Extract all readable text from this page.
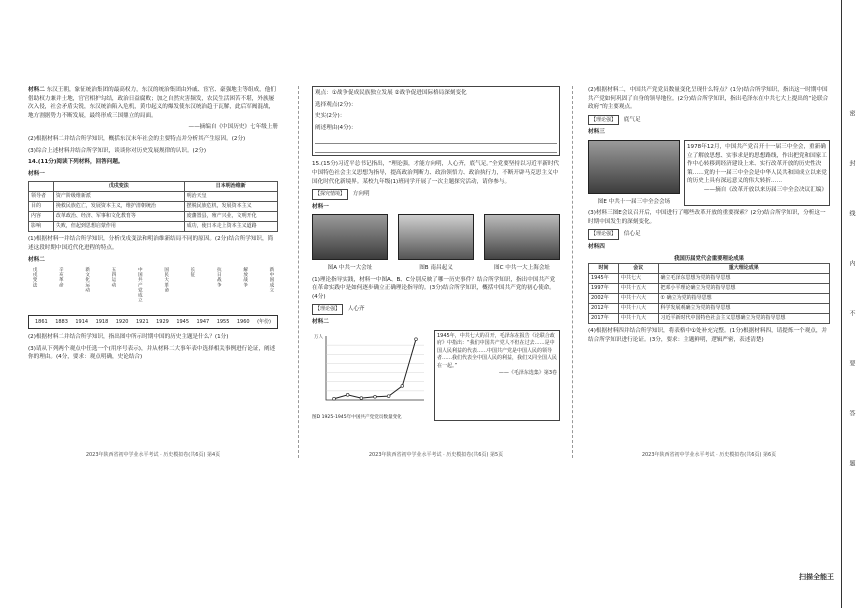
材料二 东汉王朝，象征统治集团的最高权力，东汉的统治集团由外戚、宦官、豪强地主等组成，他们借助权力兼并土地，官官相护勾结，政治日益腐败；加之自然灾害频发，农民生活困苦不堪，外族屡次入侵，社会矛盾尖锐，东汉统治陷入危机，黄巾起义的爆发使东汉统治趋于瓦解，此后军阀混战，地方割据势力不断发展，最终形成三国鼎立的局面。

——摘编自《中国历史》七年级上册

(2)根据材料二并结合所学知识，概括东汉末年社会的主要特点并分析其产生原因。(2分)

(3)综合上述材料并结合所学知识，谈谈你对历史发展规律的认识。(2分)

14.(11分)阅读下列材料，回答问题。

材料一

	戊戌变法	日本明治维新
领导者	资产阶级维新派	明治天皇
目的	挽救民族危亡，发展资本主义，维护清朝统治	摆脱民族危机，发展资本主义
内容	改革政治、经济、军事和文化教育等	废藩置县，殖产兴业，文明开化
影响	失败，但起到思想启蒙作用	成功，使日本走上资本主义道路

(1)根据材料一并结合所学知识，分析戊戌变法和明治维新结局不同的原因。(2分)结合所学知识，简述这段时期中国近代化进程的特点。

材料二

戊戌变法	辛亥革命	新文化运动	五四运动	中国共产党成立	国民大革命	长征	抗日战争	解放战争	新中国成立
1861 1883 1914 1918 1920 1921 1929 1945 1947 1955 1960 (年份)

(2)根据材料二并结合所学知识，指出图中所示时期中国的历史主题是什么？(1分)

(3)请从下列两个观点中任选一个(用序号表示)，并从材料二大事年表中选择相关事例进行论证，阐述你的理由。(4分，要求：观点明确，史论结合)

2023年陕西省初中学业水平考试 · 历史模拟卷(共6页) 第4页

观点：①战争促成民族独立发展 ②战争促进国际格局深刻变化

选择观点(2分)：

史实(2分)：

阐述理由(4分)：

15.(15分)习近平总书记指出，“理论强，才能方向明，人心齐，底气足。”全党要坚持以习近平新时代中国特色社会主义思想为指导，提高政治判断力、政治领悟力、政治执行力，不断开辟马克思主义中国化时代化新境界。某校九年级(1)班同学开展了一次主题探究活动，请你参与。

【探究情境】 方向明

材料一

图A 中共一大会址	图B 南昌起义	图C 中共一大上海会址

(1)理论指导实践，材料一中图A、B、C分别反映了哪一历史事件？结合所学知识，指出中国共产党在革命实践中是如何逐步确立正确理论指导的。(3分)结合所学知识，概括中国共产党的初心使命。(4分)

【理论强】 人心齐

材料二

万人
图D 1925-1945年中国共产党党员数量变化
1945年，中共七大的召开，毛泽东在报告《论联合政府》中指出：“我们中国共产党人不但在过去……是中国人民利益的代表……中国共产党是中国人民的领导者……我们代表全中国人民的利益，我们又同全国人民在一起。”
——《毛泽东选集》第3卷
2023年陕西省初中学业水平考试 · 历史模拟卷(共6页) 第5页

(2)根据材料二，中国共产党党员数量变化呈现什么特点？(1分)结合所学知识，指出这一时期中国共产党如何巩固了自身的领导地位。(2分)结合所学知识，指出毛泽东在中共七大上提出的“论联合政府”的主要观点。

【理论强】 底气足

材料三

图E 中共十一届三中全会会场
1978年12月，中国共产党召开十一届三中全会，重新确立了解放思想、实事求是的思想路线，作出把党和国家工作中心转移到经济建设上来、实行改革开放的历史性决策……党的十一届三中全会是中华人民共和国成立以来党的历史上具有深远意义的伟大转折……
——摘自《改革开放以来历届三中全会决议汇编》

(3)材料三图E会议召开后，中国进行了哪些改革开放的重要探索？(2分)结合所学知识，分析这一时期中国发生的深刻变化。

【理论强】 信心足

材料四

我国历届党代会重要理论成果
时间	会议	重大理论成果
1945年	中共七大	确立毛泽东思想为党的指导思想
1997年	中共十五大	把邓小平理论确立为党的指导思想
2002年	中共十六大	① 确立为党的指导思想
2012年	中共十八大	科学发展观确立为党的指导思想
2017年	中共十九大	习近平新时代中国特色社会主义思想确立为党的指导思想

(4)根据材料四并结合所学知识，将表格中①处补充完整。(1分)根据材料四，请提炼一个观点，并结合所学知识进行论证。(3分，要求：主题鲜明，逻辑严密，表述清楚)

2023年陕西省初中学业水平考试 · 历史模拟卷(共6页) 第6页
密
封
线
内
不
要
答
题
扫描全能王
